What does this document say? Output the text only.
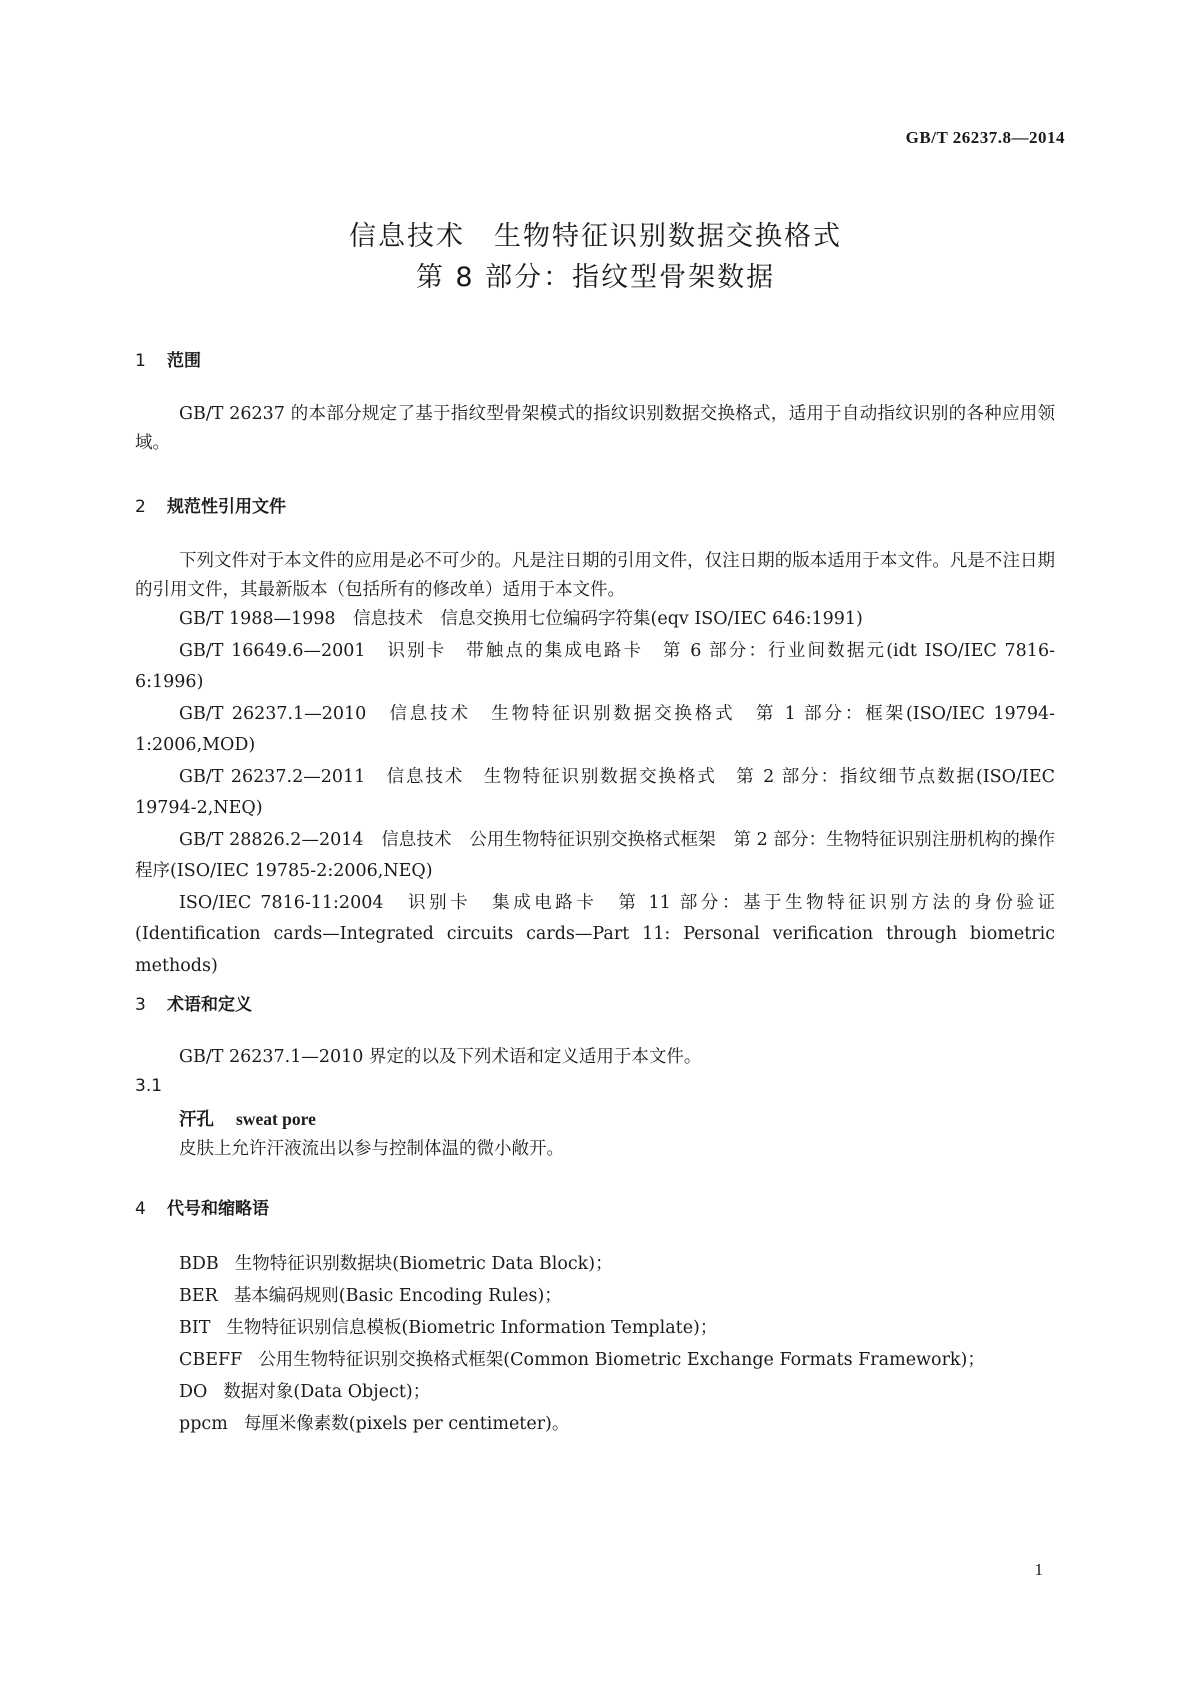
GB/T 26237.8—2014
信息技术　生物特征识别数据交换格式
第 8 部分：指纹型骨架数据
1 范围

GB/T 26237 的本部分规定了基于指纹型骨架模式的指纹识别数据交换格式，适用于自动指纹识别的各种应用领域。

2 规范性引用文件

下列文件对于本文件的应用是必不可少的。凡是注日期的引用文件，仅注日期的版本适用于本文件。凡是不注日期的引用文件，其最新版本（包括所有的修改单）适用于本文件。

GB/T 1988—1998　信息技术　信息交换用七位编码字符集(eqv ISO/IEC 646:1991)

GB/T 16649.6—2001　识别卡　带触点的集成电路卡　第 6 部分：行业间数据元(idt ISO/IEC 7816-6:1996)

GB/T 26237.1—2010　信息技术　生物特征识别数据交换格式　第 1 部分：框架(ISO/IEC 19794-1:2006,MOD)

GB/T 26237.2—2011　信息技术　生物特征识别数据交换格式　第 2 部分：指纹细节点数据(ISO/IEC 19794-2,NEQ)

GB/T 28826.2—2014　信息技术　公用生物特征识别交换格式框架　第 2 部分：生物特征识别注册机构的操作程序(ISO/IEC 19785-2:2006,NEQ)

ISO/IEC 7816-11:2004　识别卡　集成电路卡　第 11 部分：基于生物特征识别方法的身份验证(Identification cards—Integrated circuits cards—Part 11: Personal verification through biometric methods)

3 术语和定义

GB/T 26237.1—2010 界定的以及下列术语和定义适用于本文件。

3.1
汗孔 sweat pore
皮肤上允许汗液流出以参与控制体温的微小敞开。
4 代号和缩略语

BDB 生物特征识别数据块(Biometric Data Block)；

BER 基本编码规则(Basic Encoding Rules)；

BIT 生物特征识别信息模板(Biometric Information Template)；

CBEFF 公用生物特征识别交换格式框架(Common Biometric Exchange Formats Framework)；

DO 数据对象(Data Object)；

ppcm 每厘米像素数(pixels per centimeter)。

1
